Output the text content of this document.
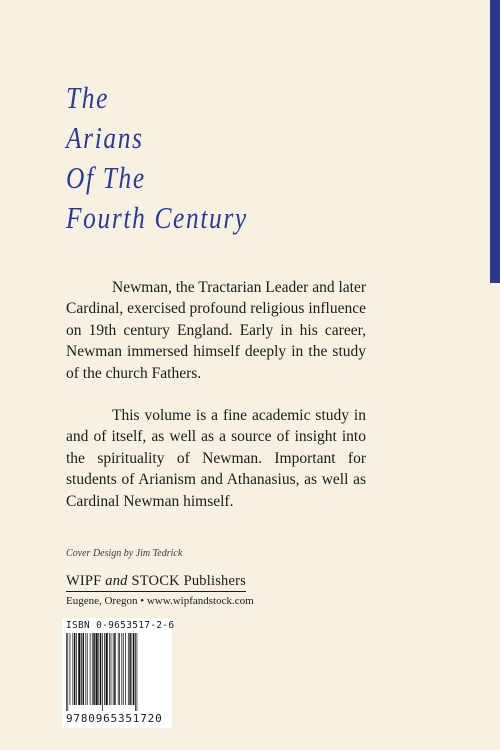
The
Arians
Of The
Fourth Century

Newman, the Tractarian Leader and later Cardinal, exercised profound religious influence on 19th century England. Early in his career, Newman immersed himself deeply in the study of the church Fathers.

This volume is a fine academic study in and of itself, as well as a source of insight into the spirituality of Newman. Important for students of Arianism and Athanasius, as well as Cardinal Newman himself.

Cover Design by Jim Tedrick
WIPF and STOCK Publishers
Eugene, Oregon • www.wipfandstock.com
ISBN 0-9653517-2-6
9780965351720
